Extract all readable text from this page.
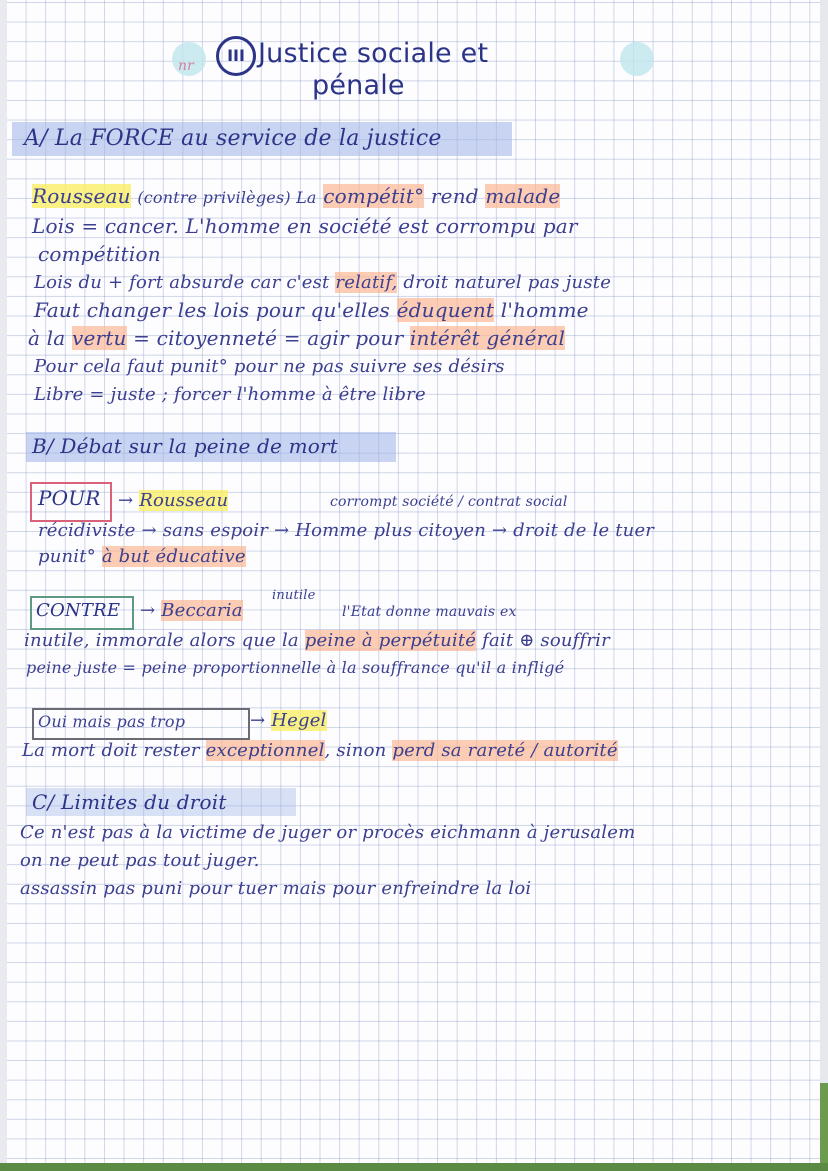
nr
III Justice sociale et
pénale
A/ La FORCE au service de la justice
Rousseau (contre privilèges) La compétit° rend malade
Lois = cancer. L'homme en société est corrompu par
compétition
Lois du + fort absurde car c'est relatif, droit naturel pas juste
Faut changer les lois pour qu'elles éduquent l'homme
à la vertu = citoyenneté = agir pour intérêt général
Pour cela faut punit° pour ne pas suivre ses désirs
Libre = juste ; forcer l'homme à être libre
B/ Débat sur la peine de mort
POUR → Rousseau	corrompt société / contrat social
récidiviste → sans espoir → Homme plus citoyen → droit de le tuer
punit° à but éducative
CONTRE → Beccaria
inutile
l'Etat donne mauvais ex
inutile, immorale alors que la peine à perpétuité fait ⊕ souffrir
peine juste = peine proportionnelle à la souffrance qu'il a infligé
Oui mais pas trop	→ Hegel
La mort doit rester exceptionnel, sinon perd sa rareté / autorité
C/ Limites du droit
Ce n'est pas à la victime de juger or procès eichmann à jerusalem
on ne peut pas tout juger.
assassin pas puni pour tuer mais pour enfreindre la loi
